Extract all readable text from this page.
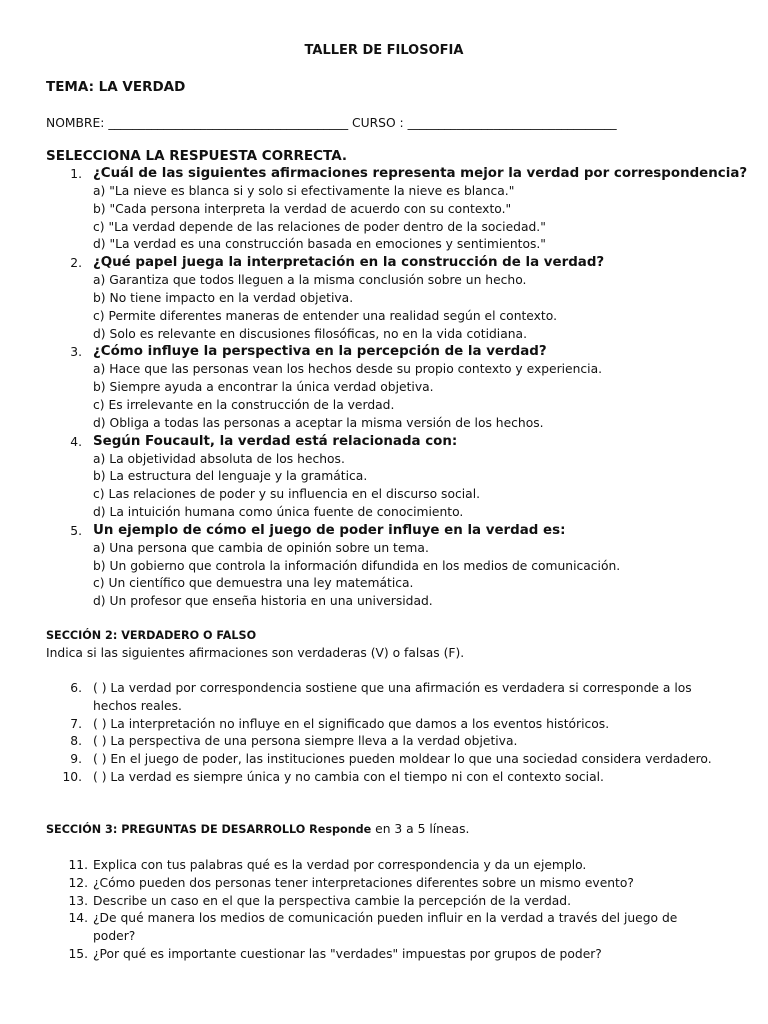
TALLER DE FILOSOFIA
TEMA: LA VERDAD
NOMBRE: _______________________________________ CURSO : __________________________________
SELECCIONA LA RESPUESTA CORRECTA.
1. ¿Cuál de las siguientes afirmaciones representa mejor la verdad por correspondencia?
a) "La nieve es blanca si y solo si efectivamente la nieve es blanca."
b) "Cada persona interpreta la verdad de acuerdo con su contexto."
c) "La verdad depende de las relaciones de poder dentro de la sociedad."
d) "La verdad es una construcción basada en emociones y sentimientos."
2. ¿Qué papel juega la interpretación en la construcción de la verdad?
a) Garantiza que todos lleguen a la misma conclusión sobre un hecho.
b) No tiene impacto en la verdad objetiva.
c) Permite diferentes maneras de entender una realidad según el contexto.
d) Solo es relevante en discusiones filosóficas, no en la vida cotidiana.
3. ¿Cómo influye la perspectiva en la percepción de la verdad?
a) Hace que las personas vean los hechos desde su propio contexto y experiencia.
b) Siempre ayuda a encontrar la única verdad objetiva.
c) Es irrelevante en la construcción de la verdad.
d) Obliga a todas las personas a aceptar la misma versión de los hechos.
4. Según Foucault, la verdad está relacionada con:
a) La objetividad absoluta de los hechos.
b) La estructura del lenguaje y la gramática.
c) Las relaciones de poder y su influencia en el discurso social.
d) La intuición humana como única fuente de conocimiento.
5. Un ejemplo de cómo el juego de poder influye en la verdad es:
a) Una persona que cambia de opinión sobre un tema.
b) Un gobierno que controla la información difundida en los medios de comunicación.
c) Un científico que demuestra una ley matemática.
d) Un profesor que enseña historia en una universidad.
SECCIÓN 2: VERDADERO O FALSO
Indica si las siguientes afirmaciones son verdaderas (V) o falsas (F).
6. ( ) La verdad por correspondencia sostiene que una afirmación es verdadera si corresponde a los hechos reales.
7. ( ) La interpretación no influye en el significado que damos a los eventos históricos.
8. ( ) La perspectiva de una persona siempre lleva a la verdad objetiva.
9. ( ) En el juego de poder, las instituciones pueden moldear lo que una sociedad considera verdadero.
10. ( ) La verdad es siempre única y no cambia con el tiempo ni con el contexto social.
SECCIÓN 3: PREGUNTAS DE DESARROLLO Responde en 3 a 5 líneas.
11. Explica con tus palabras qué es la verdad por correspondencia y da un ejemplo.
12. ¿Cómo pueden dos personas tener interpretaciones diferentes sobre un mismo evento?
13. Describe un caso en el que la perspectiva cambie la percepción de la verdad.
14. ¿De qué manera los medios de comunicación pueden influir en la verdad a través del juego de poder?
15. ¿Por qué es importante cuestionar las "verdades" impuestas por grupos de poder?
